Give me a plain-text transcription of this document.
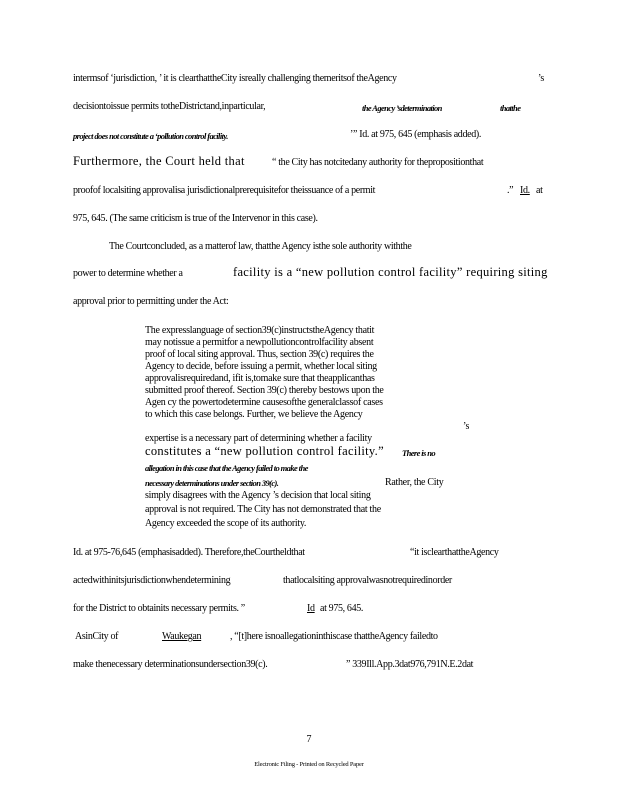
intermsof ‘jurisdiction, ’ it is clearthattheCity isreally challenging themeritsof theAgency	’s
decisiontoissue permits totheDistrictand,inparticular,	the Agency ’sdetermination	thatthe
project does not constitute a ‘pollution control facility.	’” Id. at 975, 645 (emphasis added).
Furthermore, the Court held that	“ the City has notcitedany authority for thepropositionthat
proofof localsiting approvalisa jurisdictionalprerequisitefor theissuance of a permit	.” Id. at
975, 645. (The same criticism is true of the Intervenor in this case).
The Courtconcluded, as a matterof law, thatthe Agency isthe sole authority withthe
power to determine whether a	facility is a “new pollution control facility” requiring siting
approval prior to permitting under the Act:
The expresslanguage of section39(c)instructstheAgency thatit
may notissue a permitfor a newpollutioncontrolfacility absent
proof of local siting approval. Thus, section 39(c) requires the
Agency to decide, before issuing a permit, whether local siting
approvalisrequiredand, ifit is,tomake sure that theapplicanthas
submitted proof thereof. Section 39(c) thereby bestows upon the
Agen cy the powertodetermine causesofthe generalclassof cases
to which this case belongs. Further, we believe the Agency
’s
expertise is a necessary part of determining whether a facility
constitutes a “new pollution control facility.” There is no
allegation in this case that the Agency failed to make the
necessary determinations under section 39(c).	Rather, the City
simply disagrees with the Agency ’s decision that local siting
approval is not required. The City has not demonstrated that the
Agency exceeded the scope of its authority.
Id. at 975-76,645 (emphasisadded). Therefore,theCourtheldthat	“it isclearthattheAgency
actedwithinitsjurisdictionwhendetermining	thatlocalsiting approvalwasnotrequiredinorder
for the District to obtainits necessary permits. ”	Id at 975, 645.
AsinCity of	Waukegan	, “[t]here isnoallegationinthiscase thattheAgency failedto
make thenecessary determinationsundersection39(c).	” 339Ill.App.3dat976,791N.E.2dat
7
Electronic Filing - Printed on Recycled Paper
